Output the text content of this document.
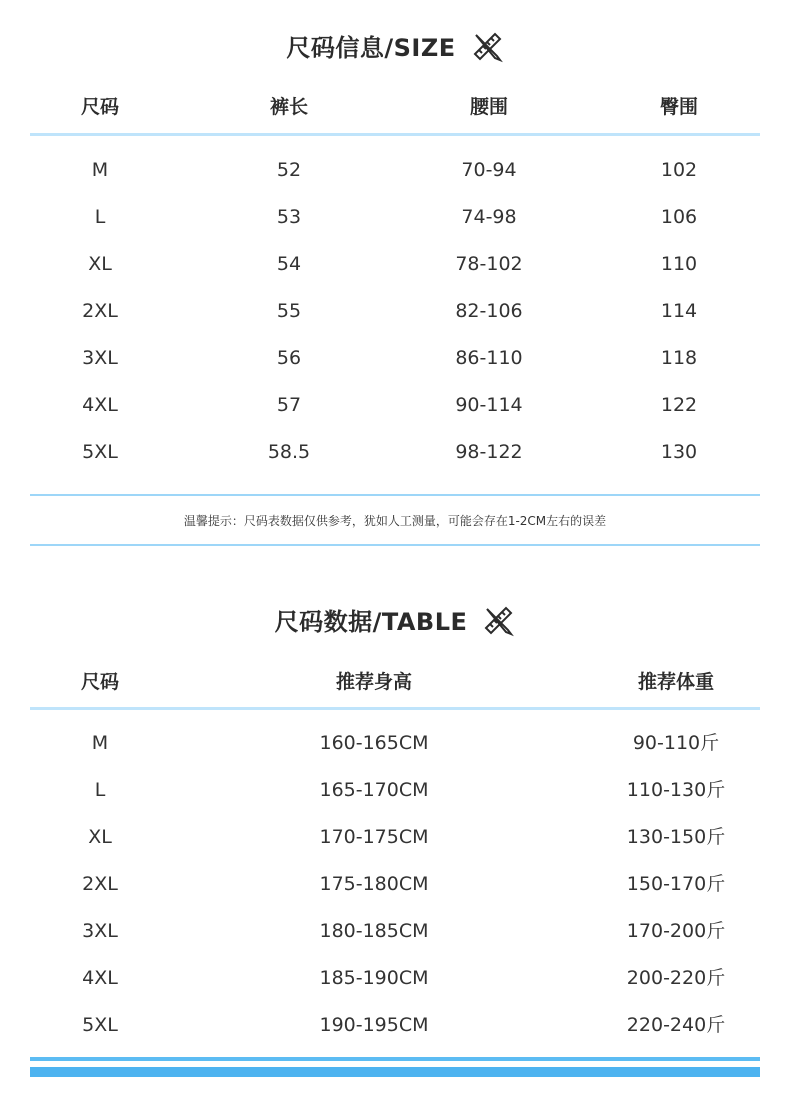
尺码信息/SIZE
尺码	裤长	腰围	臀围
M	52	70-94	102
L	53	74-98	106
XL	54	78-102	110
2XL	55	82-106	114
3XL	56	86-110	118
4XL	57	90-114	122
5XL	58.5	98-122	130
温馨提示：尺码表数据仅供参考，犹如人工测量，可能会存在1-2CM左右的误差
尺码数据/TABLE
尺码	推荐身高	推荐体重
M	160-165CM	90-110斤
L	165-170CM	110-130斤
XL	170-175CM	130-150斤
2XL	175-180CM	150-170斤
3XL	180-185CM	170-200斤
4XL	185-190CM	200-220斤
5XL	190-195CM	220-240斤
